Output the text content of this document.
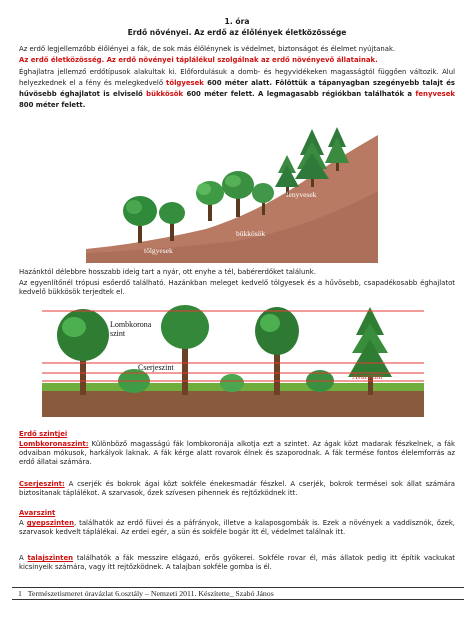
1. óra
Erdő növényei. Az erdő az élőlények életközössége
Az erdő legjellemzőbb élőlényei a fák, de sok más élőlénynek is védelmet, biztonságot és élelmet nyújtanak.
Az erdő életközösség. Az erdő növényei táplálékul szolgálnak az erdő növényevő állatainak.
Éghajlatra jellemző erdőtípusok alakultak ki. Előfordulásuk a domb- és hegyvidékeken magasságtól függően változik. Alul helyezkednek el a fény és melegkedvelő tölgyesek 600 méter alatt. Fölöttük a tápanyagban szegényebb talajt és hűvösebb éghajlatot is elviselő bükkösök 600 méter felett. A legmagasabb régiókban találhatók a fenyvesek 800 méter felett.
fenyvesek
bükkösök
tölgyesek
Hazánktól délebbre hosszabb ideig tart a nyár, ott enyhe a tél, babérerdőket találunk.
Az egyenlítőnél trópusi esőerdő található. Hazánkban meleget kedvelő tölgyesek és a hűvösebb, csapadékosabb éghajlatot kedvelő bükkösök terjedtek el.
Lombkorona
szint
Cserjeszint
Avarszint
Erdő szintjei
Lombkoronaszint: Különböző magasságú fák lombkoronája alkotja ezt a szintet. Az ágak közt madarak fészkelnek, a fák odvaiban mókusok, harkályok laknak. A fák kérge alatt rovarok élnek és szaporodnak. A fák termése fontos élelemforrás az erdő állatai számára.
Cserjeszint: A cserjék és bokrok ágai közt sokféle énekesmadár fészkel. A cserjék, bokrok termései sok állat számára biztosítanak táplálékot. A szarvasok, őzek szívesen pihennek és rejtőzködnek itt.
Avarszint
A gyepszinten, találhatók az erdő füvei és a páfrányok, illetve a kalaposgombák is. Ezek a növények a vaddisznók, őzek, szarvasok kedvelt táplálékai. Az erdei egér, a sün és sokféle bogár itt él, védelmet találnak itt.
A talajszinten találhatók a fák messzire elágazó, erős gyökerei. Sokféle rovar él, más állatok pedig itt építik vackukat kicsinyeik számára, vagy itt rejtőzködnek. A talajban sokféle gomba is él.
1 Természetismeret óravázlat 6.osztály – Nemzeti 2011. Készítette_ Szabó János
